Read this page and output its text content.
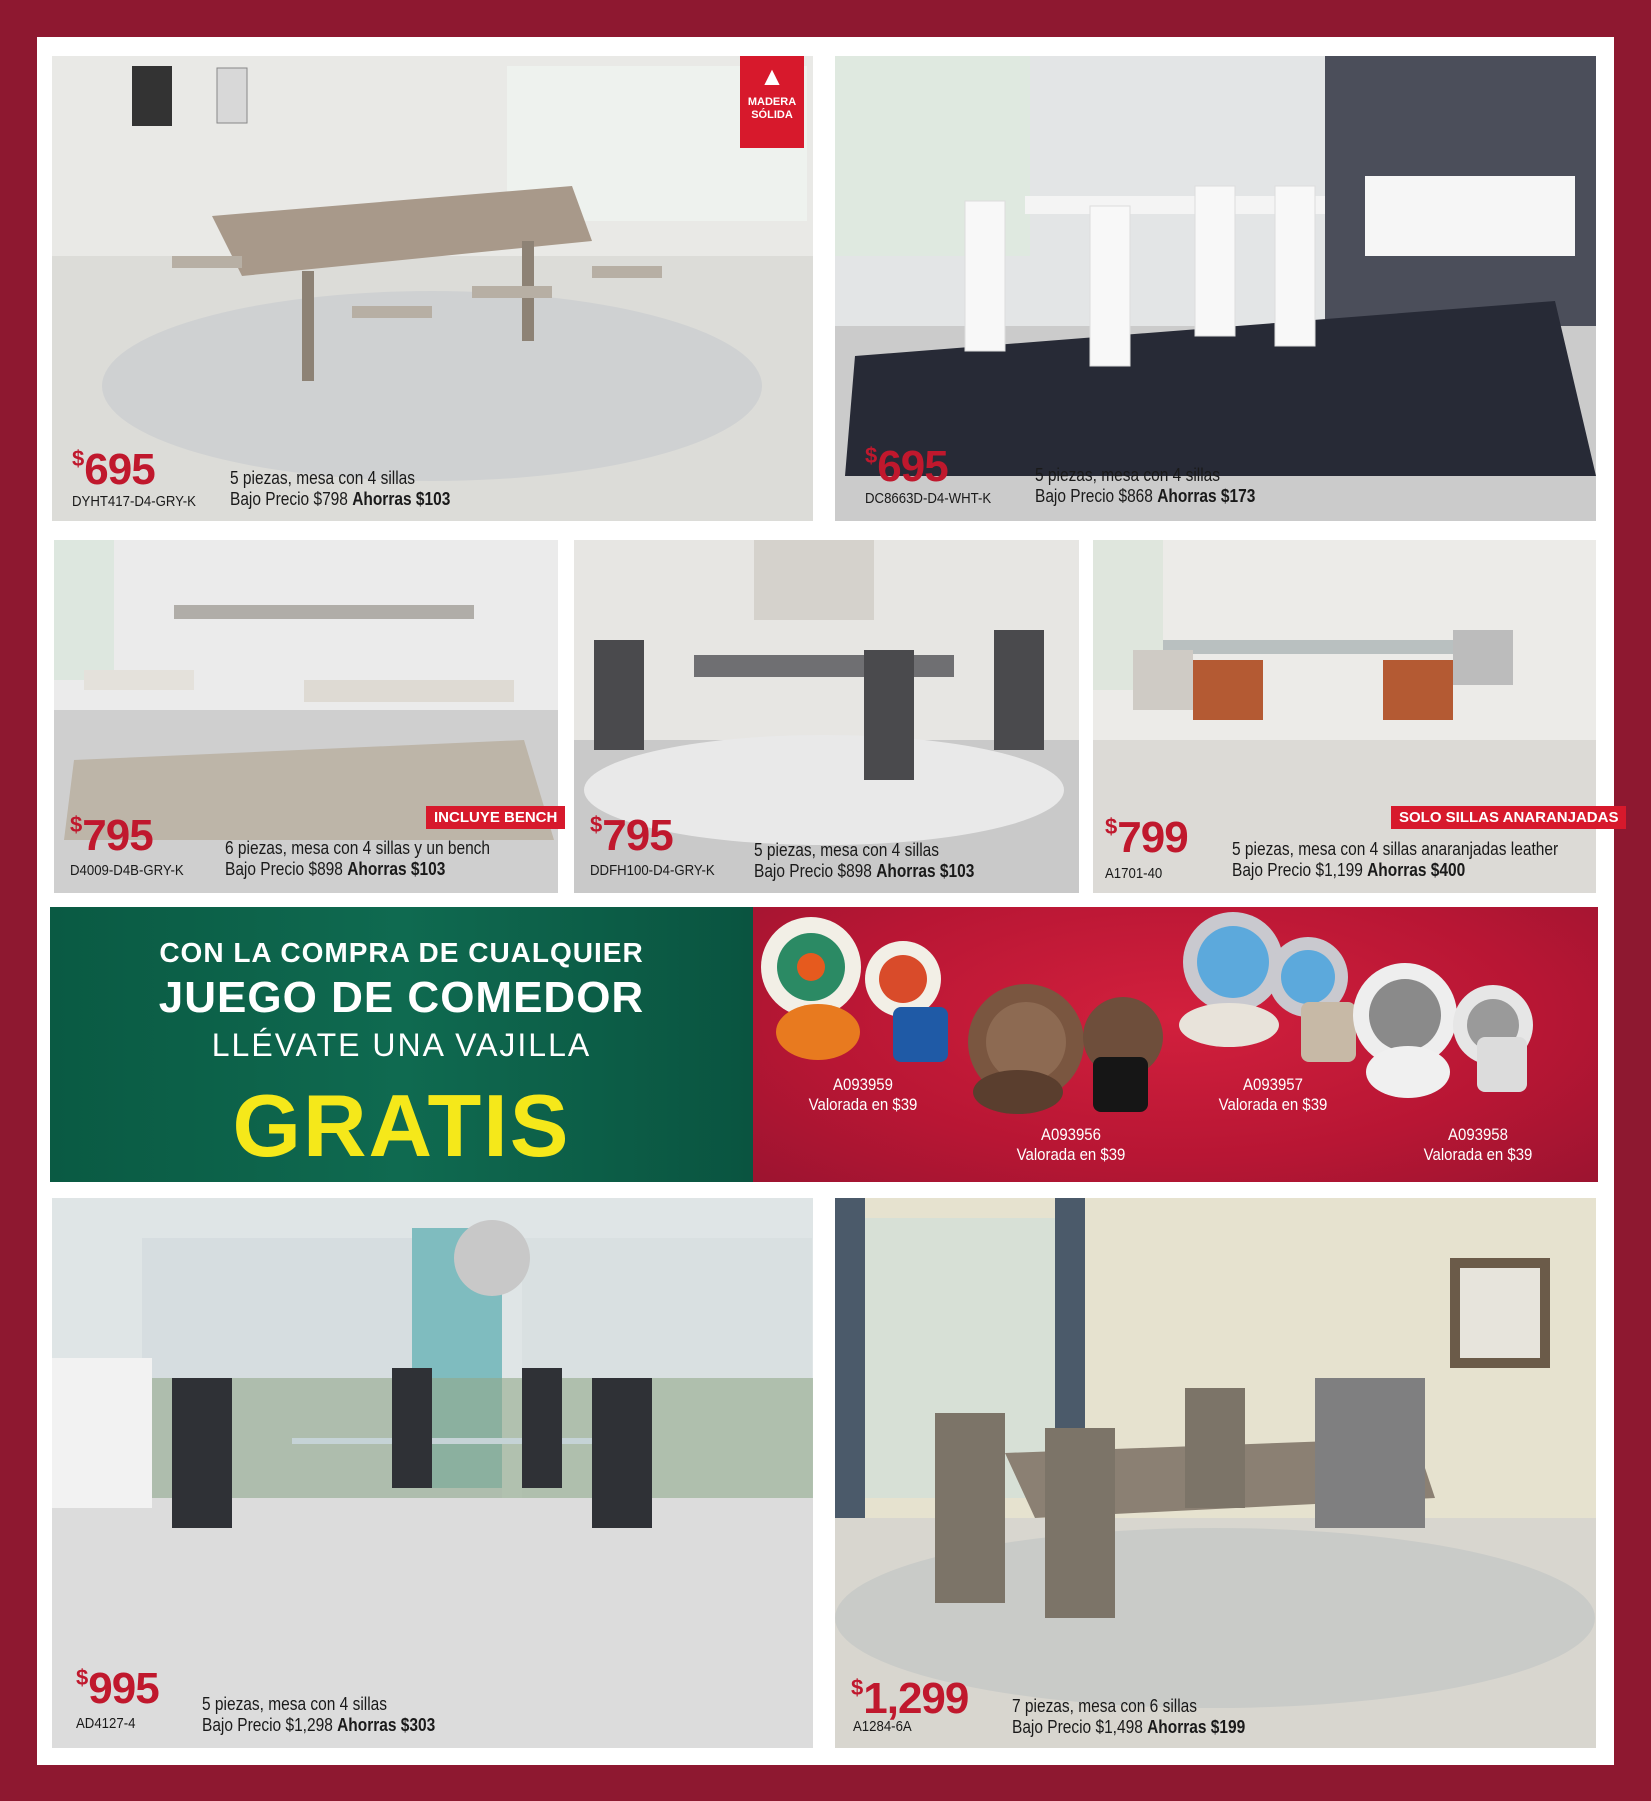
▲
MADERA SÓLIDA
$695
DYHT417-D4-GRY-K
5 piezas, mesa con 4 sillas
Bajo Precio $798 Ahorras $103
$695
DC8663D-D4-WHT-K
5 piezas, mesa con 4 sillas
Bajo Precio $868 Ahorras $173
INCLUYE BENCH
$795
D4009-D4B-GRY-K
6 piezas, mesa con 4 sillas y un bench
Bajo Precio $898 Ahorras $103
$795
DDFH100-D4-GRY-K
5 piezas, mesa con 4 sillas
Bajo Precio $898 Ahorras $103
SOLO SILLAS ANARANJADAS
$799
A1701-40
5 piezas, mesa con 4 sillas anaranjadas leather
Bajo Precio $1,199 Ahorras $400
CON LA COMPRA DE CUALQUIER
JUEGO DE COMEDOR
LLÉVATE UNA VAJILLA
GRATIS	A093959
Valorada en $39
A093956
Valorada en $39
A093957
Valorada en $39
A093958
Valorada en $39
$995
AD4127-4
5 piezas, mesa con 4 sillas
Bajo Precio $1,298 Ahorras $303
$1,299
A1284-6A
7 piezas, mesa con 6 sillas
Bajo Precio $1,498 Ahorras $199
